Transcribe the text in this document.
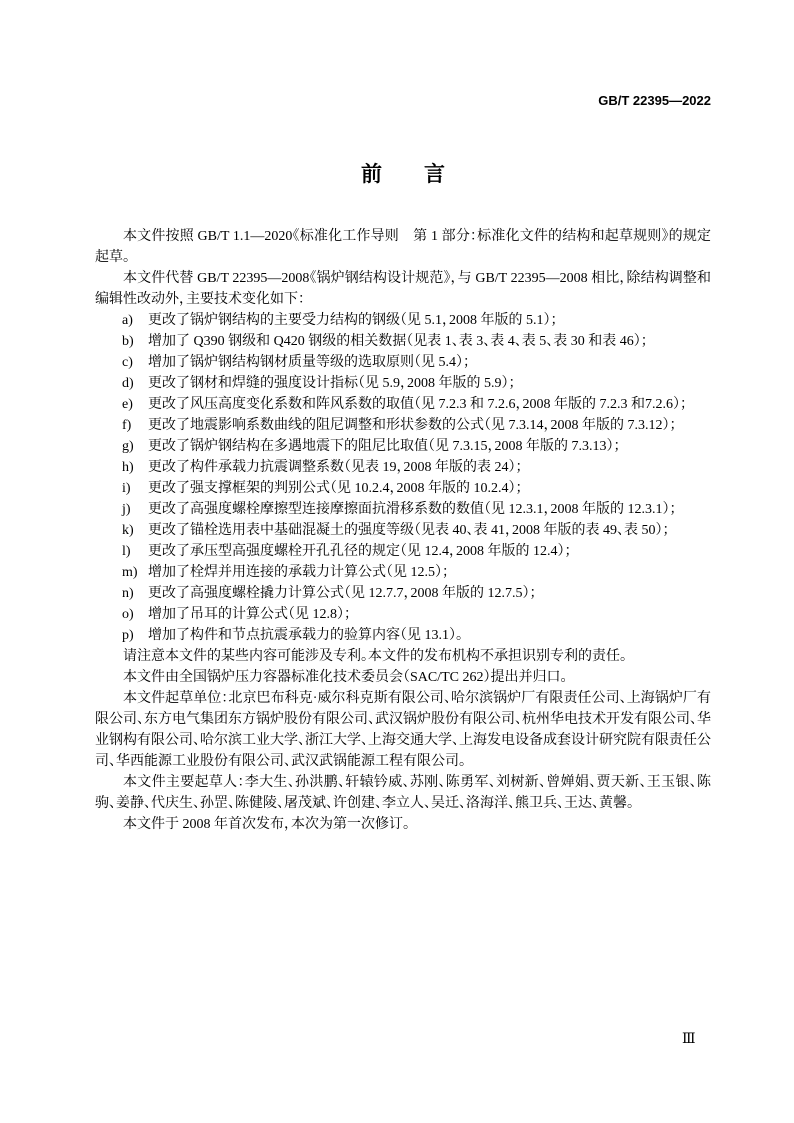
GB/T 22395—2022
前　　言

本文件按照 GB/T 1.1—2020《标准化工作导则　第 1 部分：标准化文件的结构和起草规则》的规定起草。

本文件代替 GB/T 22395—2008《锅炉钢结构设计规范》，与 GB/T 22395—2008 相比，除结构调整和编辑性改动外，主要技术变化如下：

a)	更改了锅炉钢结构的主要受力结构的钢级（见 5.1，2008 年版的 5.1）；
b)	增加了 Q390 钢级和 Q420 钢级的相关数据（见表 1、表 3、表 4、表 5、表 30 和表 46）；
c)	增加了锅炉钢结构钢材质量等级的选取原则（见 5.4）；
d)	更改了钢材和焊缝的强度设计指标（见 5.9，2008 年版的 5.9）；
e)	更改了风压高度变化系数和阵风系数的取值（见 7.2.3 和 7.2.6，2008 年版的 7.2.3 和7.2.6）；
f)	更改了地震影响系数曲线的阻尼调整和形状参数的公式（见 7.3.14，2008 年版的 7.3.12）；
g)	更改了锅炉钢结构在多遇地震下的阻尼比取值（见 7.3.15，2008 年版的 7.3.13）；
h)	更改了构件承载力抗震调整系数（见表 19，2008 年版的表 24）；
i)	更改了强支撑框架的判别公式（见 10.2.4，2008 年版的 10.2.4）；
j)	更改了高强度螺栓摩擦型连接摩擦面抗滑移系数的数值（见 12.3.1，2008 年版的 12.3.1）；
k)	更改了锚栓选用表中基础混凝土的强度等级（见表 40、表 41，2008 年版的表 49、表 50）；
l)	更改了承压型高强度螺栓开孔孔径的规定（见 12.4，2008 年版的 12.4）；
m) 增加了栓焊并用连接的承载力计算公式（见 12.5）；
n)	更改了高强度螺栓撬力计算公式（见 12.7.7，2008 年版的 12.7.5）；
o)	增加了吊耳的计算公式（见 12.8）；
p)	增加了构件和节点抗震承载力的验算内容（见 13.1）。

请注意本文件的某些内容可能涉及专利。本文件的发布机构不承担识别专利的责任。

本文件由全国锅炉压力容器标准化技术委员会（SAC/TC 262）提出并归口。

本文件起草单位：北京巴布科克·威尔科克斯有限公司、哈尔滨锅炉厂有限责任公司、上海锅炉厂有限公司、东方电气集团东方锅炉股份有限公司、武汉锅炉股份有限公司、杭州华电技术开发有限公司、华业钢构有限公司、哈尔滨工业大学、浙江大学、上海交通大学、上海发电设备成套设计研究院有限责任公司、华西能源工业股份有限公司、武汉武锅能源工程有限公司。

本文件主要起草人：李大生、孙洪鹏、轩辕钤威、苏刚、陈勇军、刘树新、曾婵娟、贾天新、王玉银、陈驹、姜静、代庆生、孙罡、陈健陵、屠茂斌、许创建、李立人、吴迁、洛海洋、熊卫兵、王达、黄馨。

本文件于 2008 年首次发布，本次为第一次修订。

Ⅲ
